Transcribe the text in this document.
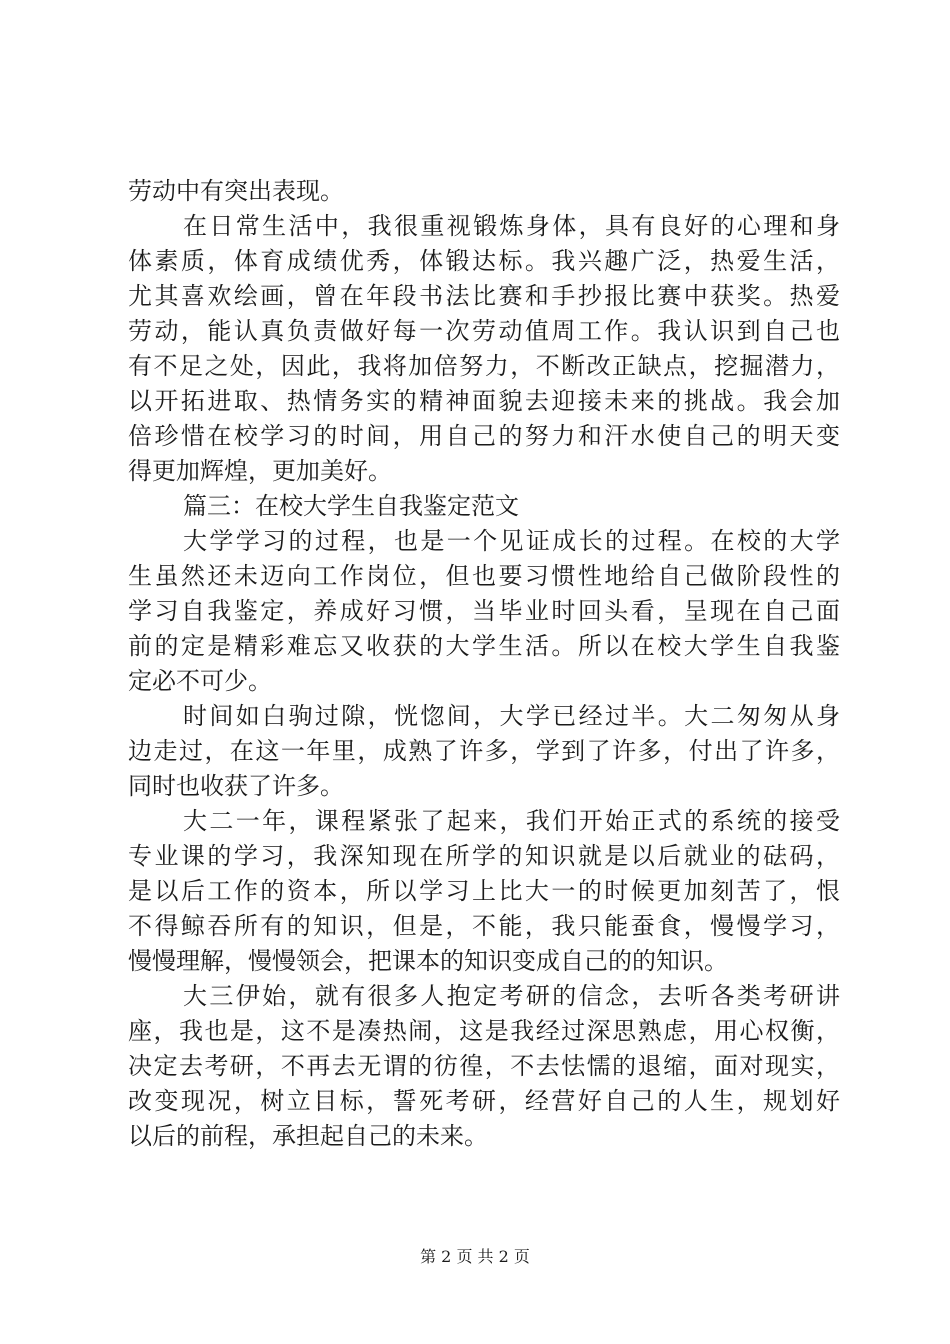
劳动中有突出表现。
在日常生活中，我很重视锻炼身体，具有良好的心理和身
体素质，体育成绩优秀，体锻达标。我兴趣广泛，热爱生活，
尤其喜欢绘画，曾在年段书法比赛和手抄报比赛中获奖。热爱
劳动，能认真负责做好每一次劳动值周工作。我认识到自己也
有不足之处，因此，我将加倍努力，不断改正缺点，挖掘潜力，
以开拓进取、热情务实的精神面貌去迎接未来的挑战。我会加
倍珍惜在校学习的时间，用自己的努力和汗水使自己的明天变
得更加辉煌，更加美好。
篇三：在校大学生自我鉴定范文
大学学习的过程，也是一个见证成长的过程。在校的大学
生虽然还未迈向工作岗位，但也要习惯性地给自己做阶段性的
学习自我鉴定，养成好习惯，当毕业时回头看，呈现在自己面
前的定是精彩难忘又收获的大学生活。所以在校大学生自我鉴
定必不可少。
时间如白驹过隙，恍惚间，大学已经过半。大二匆匆从身
边走过，在这一年里，成熟了许多，学到了许多，付出了许多，
同时也收获了许多。
大二一年，课程紧张了起来，我们开始正式的系统的接受
专业课的学习，我深知现在所学的知识就是以后就业的砝码，
是以后工作的资本，所以学习上比大一的时候更加刻苦了，恨
不得鲸吞所有的知识，但是，不能，我只能蚕食，慢慢学习，
慢慢理解，慢慢领会，把课本的知识变成自己的的知识。
大三伊始，就有很多人抱定考研的信念，去听各类考研讲
座，我也是，这不是凑热闹，这是我经过深思熟虑，用心权衡，
决定去考研，不再去无谓的彷徨，不去怯懦的退缩，面对现实，
改变现况，树立目标，誓死考研，经营好自己的人生，规划好
以后的前程，承担起自己的未来。
第 2 页 共 2 页
